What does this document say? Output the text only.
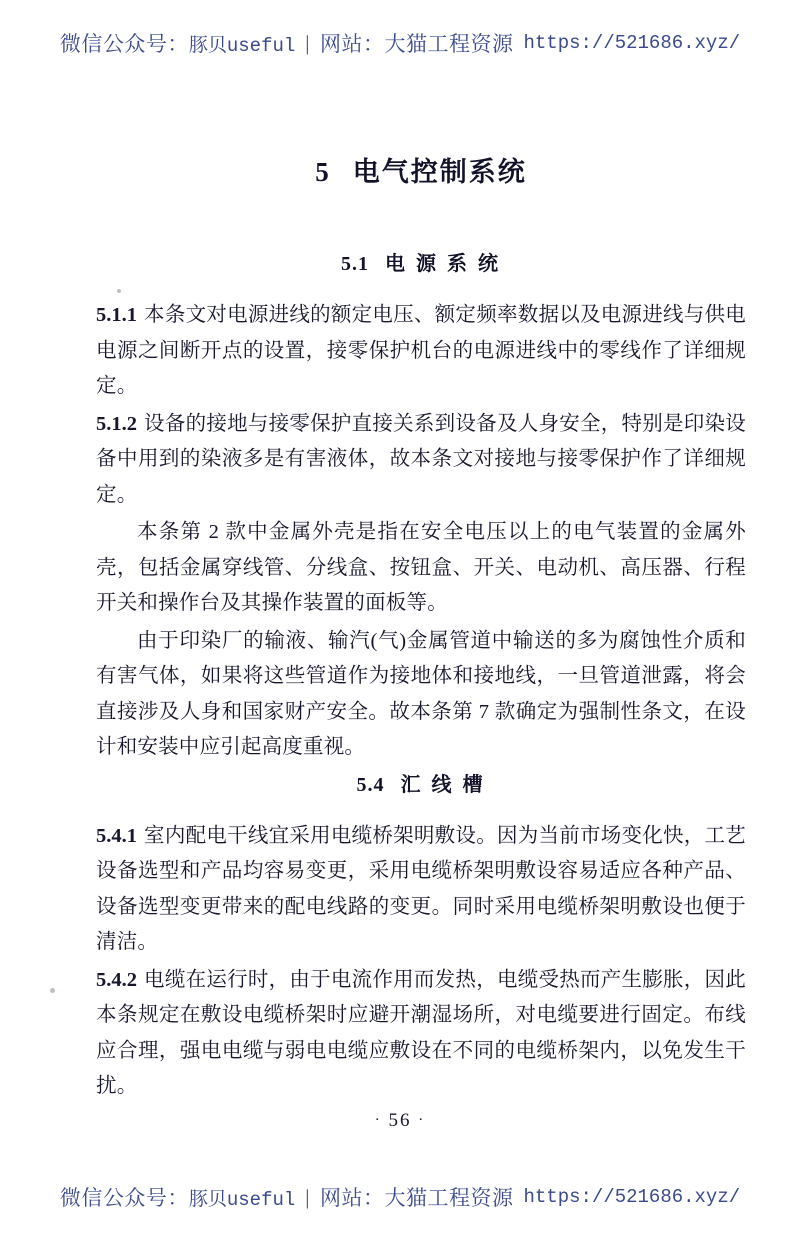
微信公众号： 豚贝useful | 网站： 大猫工程资源 https://521686.xyz/
5 电气控制系统
5.1 电 源 系 统

5.1.1 本条文对电源进线的额定电压、额定频率数据以及电源进线与供电电源之间断开点的设置，接零保护机台的电源进线中的零线作了详细规定。

5.1.2 设备的接地与接零保护直接关系到设备及人身安全，特别是印染设备中用到的染液多是有害液体，故本条文对接地与接零保护作了详细规定。

本条第 2 款中金属外壳是指在安全电压以上的电气装置的金属外壳，包括金属穿线管、分线盒、按钮盒、开关、电动机、高压器、行程开关和操作台及其操作装置的面板等。

由于印染厂的输液、输汽(气)金属管道中输送的多为腐蚀性介质和有害气体，如果将这些管道作为接地体和接地线，一旦管道泄露，将会直接涉及人身和国家财产安全。故本条第 7 款确定为强制性条文，在设计和安装中应引起高度重视。

5.4 汇 线 槽

5.4.1 室内配电干线宜采用电缆桥架明敷设。因为当前市场变化快，工艺设备选型和产品均容易变更，采用电缆桥架明敷设容易适应各种产品、设备选型变更带来的配电线路的变更。同时采用电缆桥架明敷设也便于清洁。

5.4.2 电缆在运行时，由于电流作用而发热，电缆受热而产生膨胀，因此本条规定在敷设电缆桥架时应避开潮湿场所，对电缆要进行固定。布线应合理，强电电缆与弱电电缆应敷设在不同的电缆桥架内，以免发生干扰。

· 56 ·
微信公众号： 豚贝useful | 网站： 大猫工程资源 https://521686.xyz/
